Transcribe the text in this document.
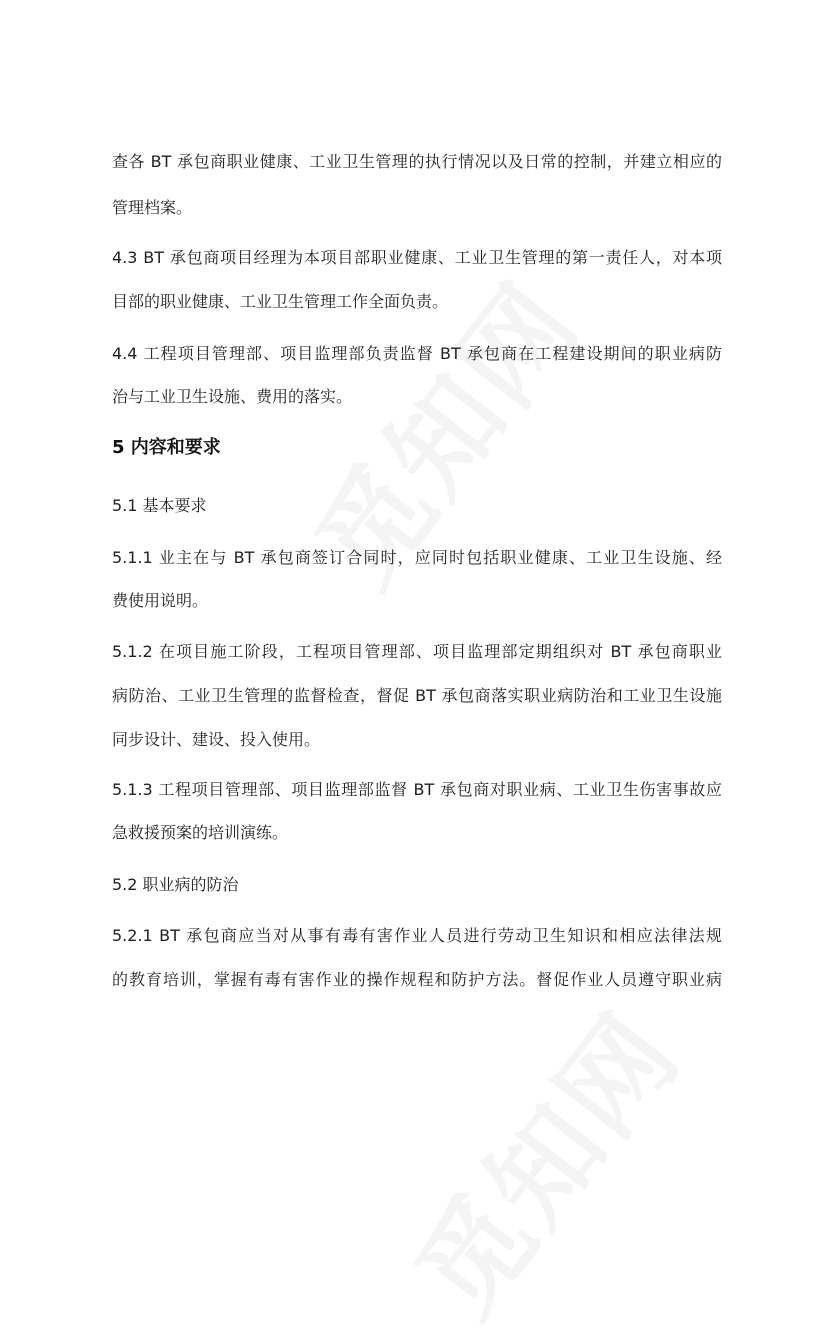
查各 BT 承包商职业健康、工业卫生管理的执行情况以及日常的控制，并建立相应的
管理档案。
4.3 BT 承包商项目经理为本项目部职业健康、工业卫生管理的第一责任人，对本项
目部的职业健康、工业卫生管理工作全面负责。
4.4 工程项目管理部、项目监理部负责监督 BT 承包商在工程建设期间的职业病防
治与工业卫生设施、费用的落实。
5 内容和要求
5.1 基本要求
5.1.1 业主在与 BT 承包商签订合同时，应同时包括职业健康、工业卫生设施、经
费使用说明。
5.1.2 在项目施工阶段，工程项目管理部、项目监理部定期组织对 BT 承包商职业
病防治、工业卫生管理的监督检查，督促 BT 承包商落实职业病防治和工业卫生设施
同步设计、建设、投入使用。
5.1.3 工程项目管理部、项目监理部监督 BT 承包商对职业病、工业卫生伤害事故应
急救援预案的培训演练。
5.2 职业病的防治
5.2.1 BT 承包商应当对从事有毒有害作业人员进行劳动卫生知识和相应法律法规
的教育培训，掌握有毒有害作业的操作规程和防护方法。督促作业人员遵守职业病
